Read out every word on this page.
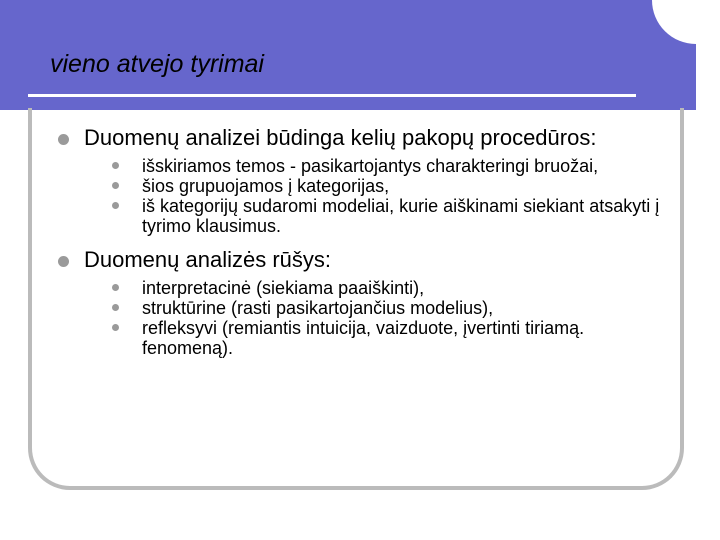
vieno atvejo tyrimai
Duomenų analizei būdinga kelių pakopų procedūros:
išskiriamos temos - pasikartojantys charakteringi bruožai,
šios grupuojamos į kategorijas,
iš kategorijų sudaromi modeliai, kurie aiškinami siekiant atsakyti į tyrimo klausimus.
Duomenų analizės rūšys:
interpretacinė (siekiama paaiškinti),
struktūrine (rasti pasikartojančius modelius),
refleksyvi (remiantis intuicija, vaizduote, įvertinti tiriamą. fenomeną).
